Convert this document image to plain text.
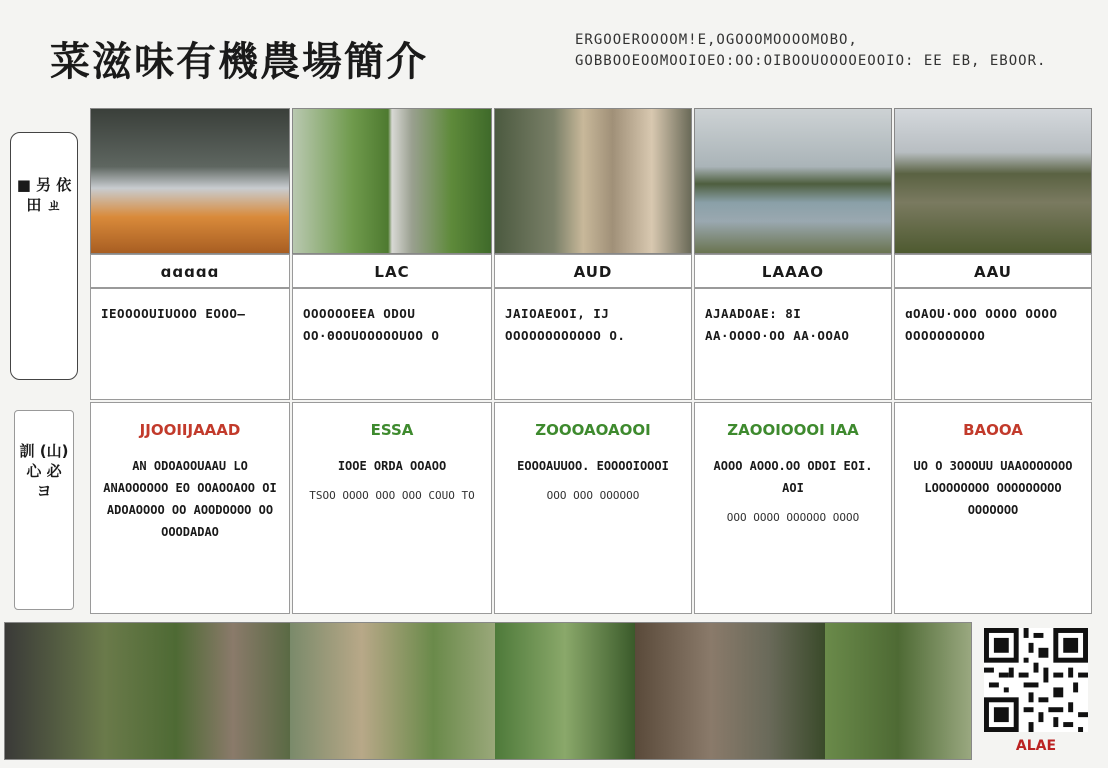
菜滋味有機農場簡介	ERGOOEROOOOM!E,OGOOOMOOOOMOBO, GOBBOOEOOMOOIOEO:OO:OIBOOUOOOOEOOIO: EE EB, EBOOR.
■ 另 依 田 ㄓ
訓 (山) 心 必 ヨ
ɑɑɑɑɑ
IEOOOOUIUOOO EOOO—
JJOOIIJAAAD
AN ODOAOOUAAU LO ANAOOOOOO EO OOAOOAOO OI ADOAOOOO OO AOODOOOO OO OOODADAO
LAC
OOOOOOEEA ODOU OO·ΘOOUOOOOOUOO O
ESSA
IOOE ORDA OOAOO
TSOO OOOO OOO OOO COUO TO
AUD
JAIOAEOOI, IJ OOOOOOOOOOOO O.
ZOOOAOAOOI
EOOOAUUOO. EOOOOIOOOI
OOO OOO OOOOOO
LAAAO
AJAADOAE: 8I AA·OOOO·OO AA·OOAO
ZAOOIOOOI IAA
AOOO AOOO.OO ODOI EOI. AOI
OOO OOOO OOOOOO OOOO
AAU
ɑOAOU·OOO OOOO OOOO OOOOOOOOOO
BAOOA
UO O 3OOOUU UAAOOOOOOO LOOOOOOOO OOOOOOOOO OOOOOOO
ALAE
